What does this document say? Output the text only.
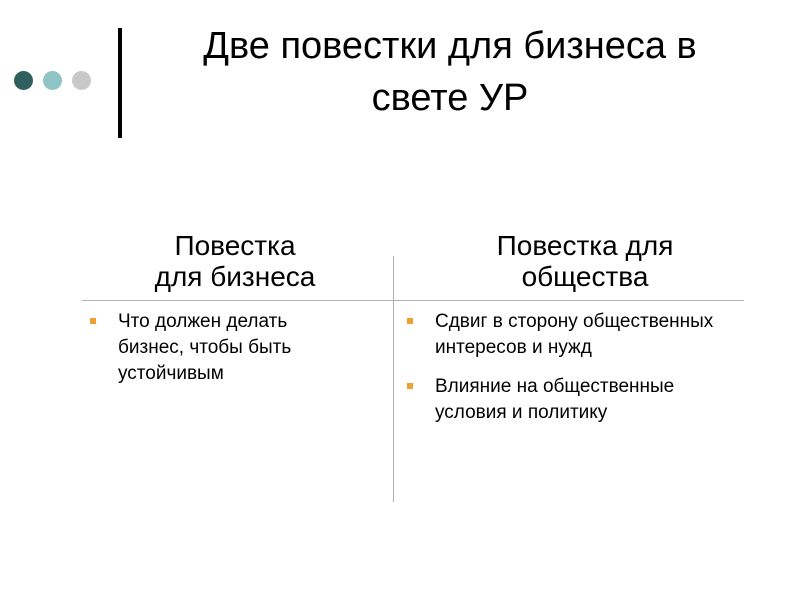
Две повестки для бизнеса в
свете УР
Повестка
для бизнеса
Повестка для
общества
Что должен делать
бизнес, чтобы быть
устойчивым
Сдвиг в сторону общественных
интересов и нужд
Влияние на общественные
условия и политику
